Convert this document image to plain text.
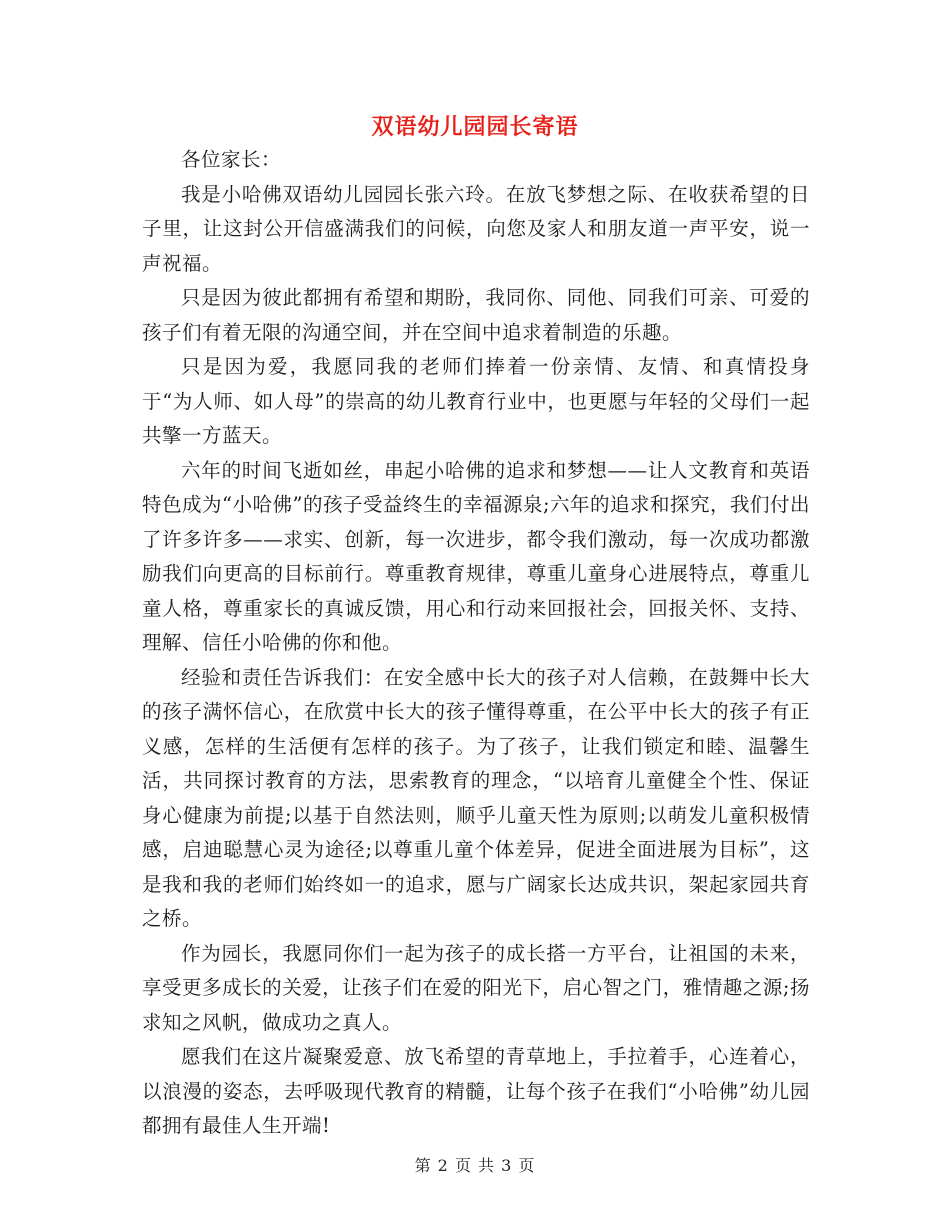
双语幼儿园园长寄语

各位家长：

我是小哈佛双语幼儿园园长张六玲。在放飞梦想之际、在收获希望的日子里，让这封公开信盛满我们的问候，向您及家人和朋友道一声平安，说一声祝福。

只是因为彼此都拥有希望和期盼，我同你、同他、同我们可亲、可爱的孩子们有着无限的沟通空间，并在空间中追求着制造的乐趣。

只是因为爱，我愿同我的老师们捧着一份亲情、友情、和真情投身于“为人师、如人母”的崇高的幼儿教育行业中，也更愿与年轻的父母们一起共擎一方蓝天。

六年的时间飞逝如丝，串起小哈佛的追求和梦想——让人文教育和英语特色成为“小哈佛”的孩子受益终生的幸福源泉;六年的追求和探究，我们付出了许多许多——求实、创新，每一次进步，都令我们激动，每一次成功都激励我们向更高的目标前行。尊重教育规律，尊重儿童身心进展特点，尊重儿童人格，尊重家长的真诚反馈，用心和行动来回报社会，回报关怀、支持、理解、信任小哈佛的你和他。

经验和责任告诉我们：在安全感中长大的孩子对人信赖，在鼓舞中长大的孩子满怀信心，在欣赏中长大的孩子懂得尊重，在公平中长大的孩子有正义感，怎样的生活便有怎样的孩子。为了孩子，让我们锁定和睦、温馨生活，共同探讨教育的方法，思索教育的理念，“以培育儿童健全个性、保证身心健康为前提;以基于自然法则，顺乎儿童天性为原则;以萌发儿童积极情感，启迪聪慧心灵为途径;以尊重儿童个体差异，促进全面进展为目标”，这是我和我的老师们始终如一的追求，愿与广阔家长达成共识，架起家园共育之桥。

作为园长，我愿同你们一起为孩子的成长搭一方平台，让祖国的未来，享受更多成长的关爱，让孩子们在爱的阳光下，启心智之门，雅情趣之源;扬求知之风帆，做成功之真人。

愿我们在这片凝聚爱意、放飞希望的青草地上，手拉着手，心连着心，以浪漫的姿态，去呼吸现代教育的精髓，让每个孩子在我们“小哈佛”幼儿园都拥有最佳人生开端!

第 2 页 共 3 页
